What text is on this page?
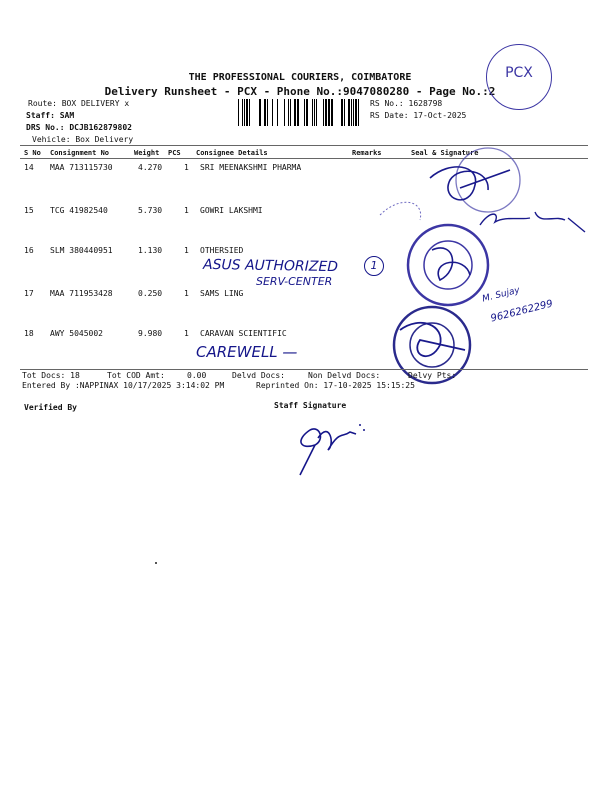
THE PROFESSIONAL COURIERS, COIMBATORE
Delivery Runsheet - PCX - Phone No.:9047080280 - Page No.:2
PCX
Route: BOX DELIVERY x
Staff: SAM
DRS No.: DCJB162879802
Vehicle: Box Delivery
RS No.: 1628798
RS Date: 17-Oct-2025
S No Consignment No	Weight PCS Consignee Details	Remarks	Seal & Signature
14 MAA 713115730	4.270	1 SRI MEENAKSHMI PHARMA
15 TCG 41982540	5.730	1 GOWRI LAKSHMI
16 SLM 380440951	1.130	1 OTHERSIED
17 MAA 711953428	0.250	1 SAMS LING
18 AWY 5045002	9.980	1 CARAVAN SCIENTIFIC
ASUS AUTHORIZED
SERV-CENTER
1
CAREWELL —
M. Sujay
9626262299
Tot Docs: 18	Tot COD Amt:	0.00	Delvd Docs:	Non Delvd Docs:	Delvy Pts:
Entered By :NAPPINAX 10/17/2025 3:14:02 PM	Reprinted On: 17-10-2025 15:15:25
Verified By	Staff Signature
